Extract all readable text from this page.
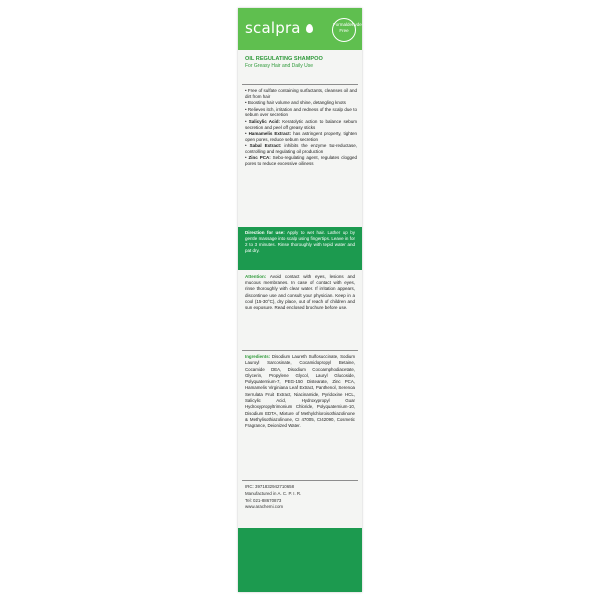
scalpra	Formaldehyde Free
OIL REGULATING SHAMPOO
For Greasy Hair and Daily Use

• Free of sulfate containing surfactants, cleanses oil and dirt from hair

• Boosting hair volume and shine, detangling knots

• Relieves itch, irritation and redness of the scalp due to sebum over secretion

• Salicylic Acid: Keratolytic action to balance sebum secretion and peel off greasy sticks

• Hamamelis Extract: has astringent property, tighten open pores, reduce sebum secretion

• Sabal Extract: inhibits the enzyme 5α-reductase, controlling and regulating oil production

• Zinc PCA: Sebo-regulating agent, regulates clogged pores to reduce excessive oiliness

Direction for use: Apply to wet hair. Lather up by gentle massage into scalp using fingertips. Leave in for 2 to 3 minutes. Rinse thoroughly with tepid water and pat dry.
Attention: Avoid contact with eyes, lesions and mucous membranes. In case of contact with eyes, rinse thoroughly with clear water. If irritation appears, discontinue use and consult your physician. Keep in a cool (15-30°C), dry place, out of reach of children and sun exposure. Read enclosed brochure before use.
Ingredients: Disodium Laureth Sulfosuccinate, Sodium Lauroyl Sarcosinate, Cocamidopropyl Betaine, Cocamide DEA, Disodium Cocoamphodiacetate, Glycerin, Propylene Glycol, Lauryl Glucoside, Polyquaternium-7, PEG-150 Distearate, Zinc PCA, Hamamelis Virginiana Leaf Extract, Panthenol, Serenoa Serrulata Fruit Extract, Niacinamide, Pyridoxine HCL, Salicylic Acid, Hydroxypropyl Guar Hydroxypropyltrimonium Chloride, Polyquaternium-10, Disodium EDTA, Mixture of Methylchloroisothiazolinone & Methylisothiazolinone, CI 47005, CI42090, Cosmetic Fragrance, Deionized Water.
IRC: 3971832942710658
Manufactured in A. C. P. I. R.
Tel: 021-88670873
www.arachemi.com
